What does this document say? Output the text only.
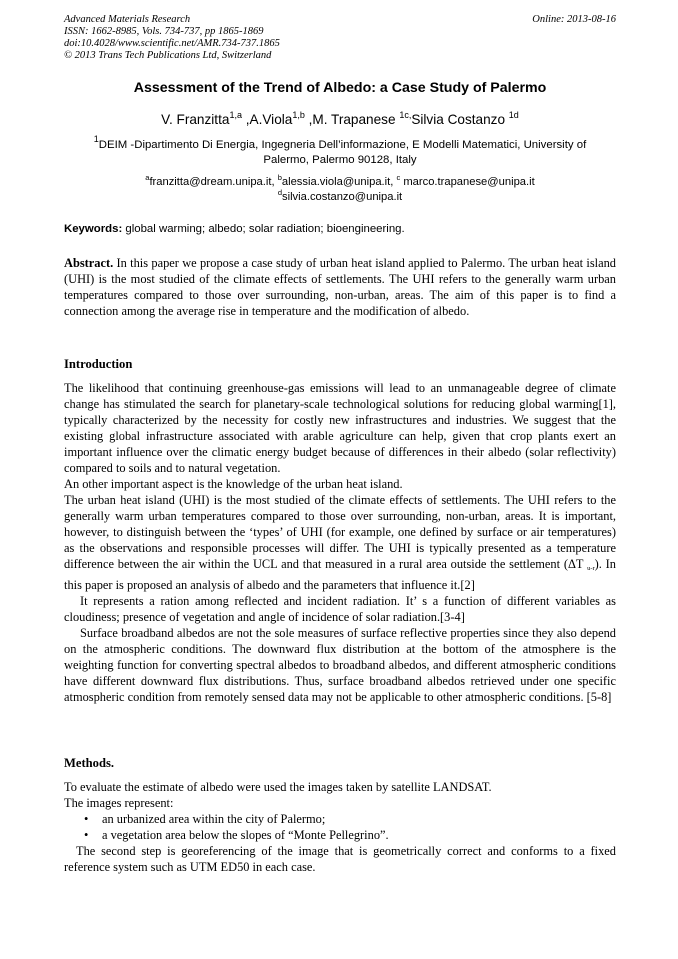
Advanced Materials Research
ISSN: 1662-8985, Vols. 734-737, pp 1865-1869
doi:10.4028/www.scientific.net/AMR.734-737.1865
© 2013 Trans Tech Publications Ltd, Switzerland
Online: 2013-08-16
Assessment of the Trend of Albedo: a Case Study of Palermo
V. Franzitta$^{1,a}$ ,A.Viola$^{1,b}$ ,M. Trapanese $^{1c,}$Silvia Costanzo $^{1d}$
$^1$DEIM -Dipartimento Di Energia, Ingegneria Dell’informazione, E Modelli Matematici, University of
Palermo, Palermo 90128, Italy
$^a$franzitta@dream.unipa.it, $^b$alessia.viola@unipa.it, $^c$ marco.trapanese@unipa.it
$^d$silvia.costanzo@unipa.it
Keywords: global warming; albedo; solar radiation; bioengineering.

Abstract. In this paper we propose a case study of urban heat island applied to Palermo. The urban heat island (UHI) is the most studied of the climate effects of settlements. The UHI refers to the generally warm urban temperatures compared to those over surrounding, non-urban, areas. The aim of this paper is to find a connection among the average rise in temperature and the modification of albedo.

Introduction

The likelihood that continuing greenhouse-gas emissions will lead to an unmanageable degree of climate change has stimulated the search for planetary-scale technological solutions for reducing global warming[1], typically characterized by the necessity for costly new infrastructures and industries. We suggest that the existing global infrastructure associated with arable agriculture can help, given that crop plants exert an important influence over the climatic energy budget because of differences in their albedo (solar reflectivity) compared to soils and to natural vegetation.

An other important aspect is the knowledge of the urban heat island.

The urban heat island (UHI) is the most studied of the climate effects of settlements. The UHI refers to the generally warm urban temperatures compared to those over surrounding, non-urban, areas. It is important, however, to distinguish between the ‘types’ of UHI (for example, one defined by surface or air temperatures) as the observations and responsible processes will differ. The UHI is typically presented as a temperature difference between the air within the UCL and that measured in a rural area outside the settlement (ΔT u-r). In this paper is proposed an analysis of albedo and the parameters that influence it.[2]

It represents a ration among reflected and incident radiation. It’ s a function of different variables as cloudiness; presence of vegetation and angle of incidence of solar radiation.[3-4]

Surface broadband albedos are not the sole measures of surface reflective properties since they also depend on the atmospheric conditions. The downward flux distribution at the bottom of the atmosphere is the weighting function for converting spectral albedos to broadband albedos, and different atmospheric conditions have different downward flux distributions. Thus, surface broadband albedos retrieved under one specific atmospheric condition from remotely sensed data may not be applicable to other atmospheric conditions. [5-8]

Methods.

To evaluate the estimate of albedo were used the images taken by satellite LANDSAT.

The images represent:

• an urbanized area within the city of Palermo;
• a vegetation area below the slopes of “Monte Pellegrino”.

The second step is georeferencing of the image that is geometrically correct and conforms to a fixed reference system such as UTM ED50 in each case.
